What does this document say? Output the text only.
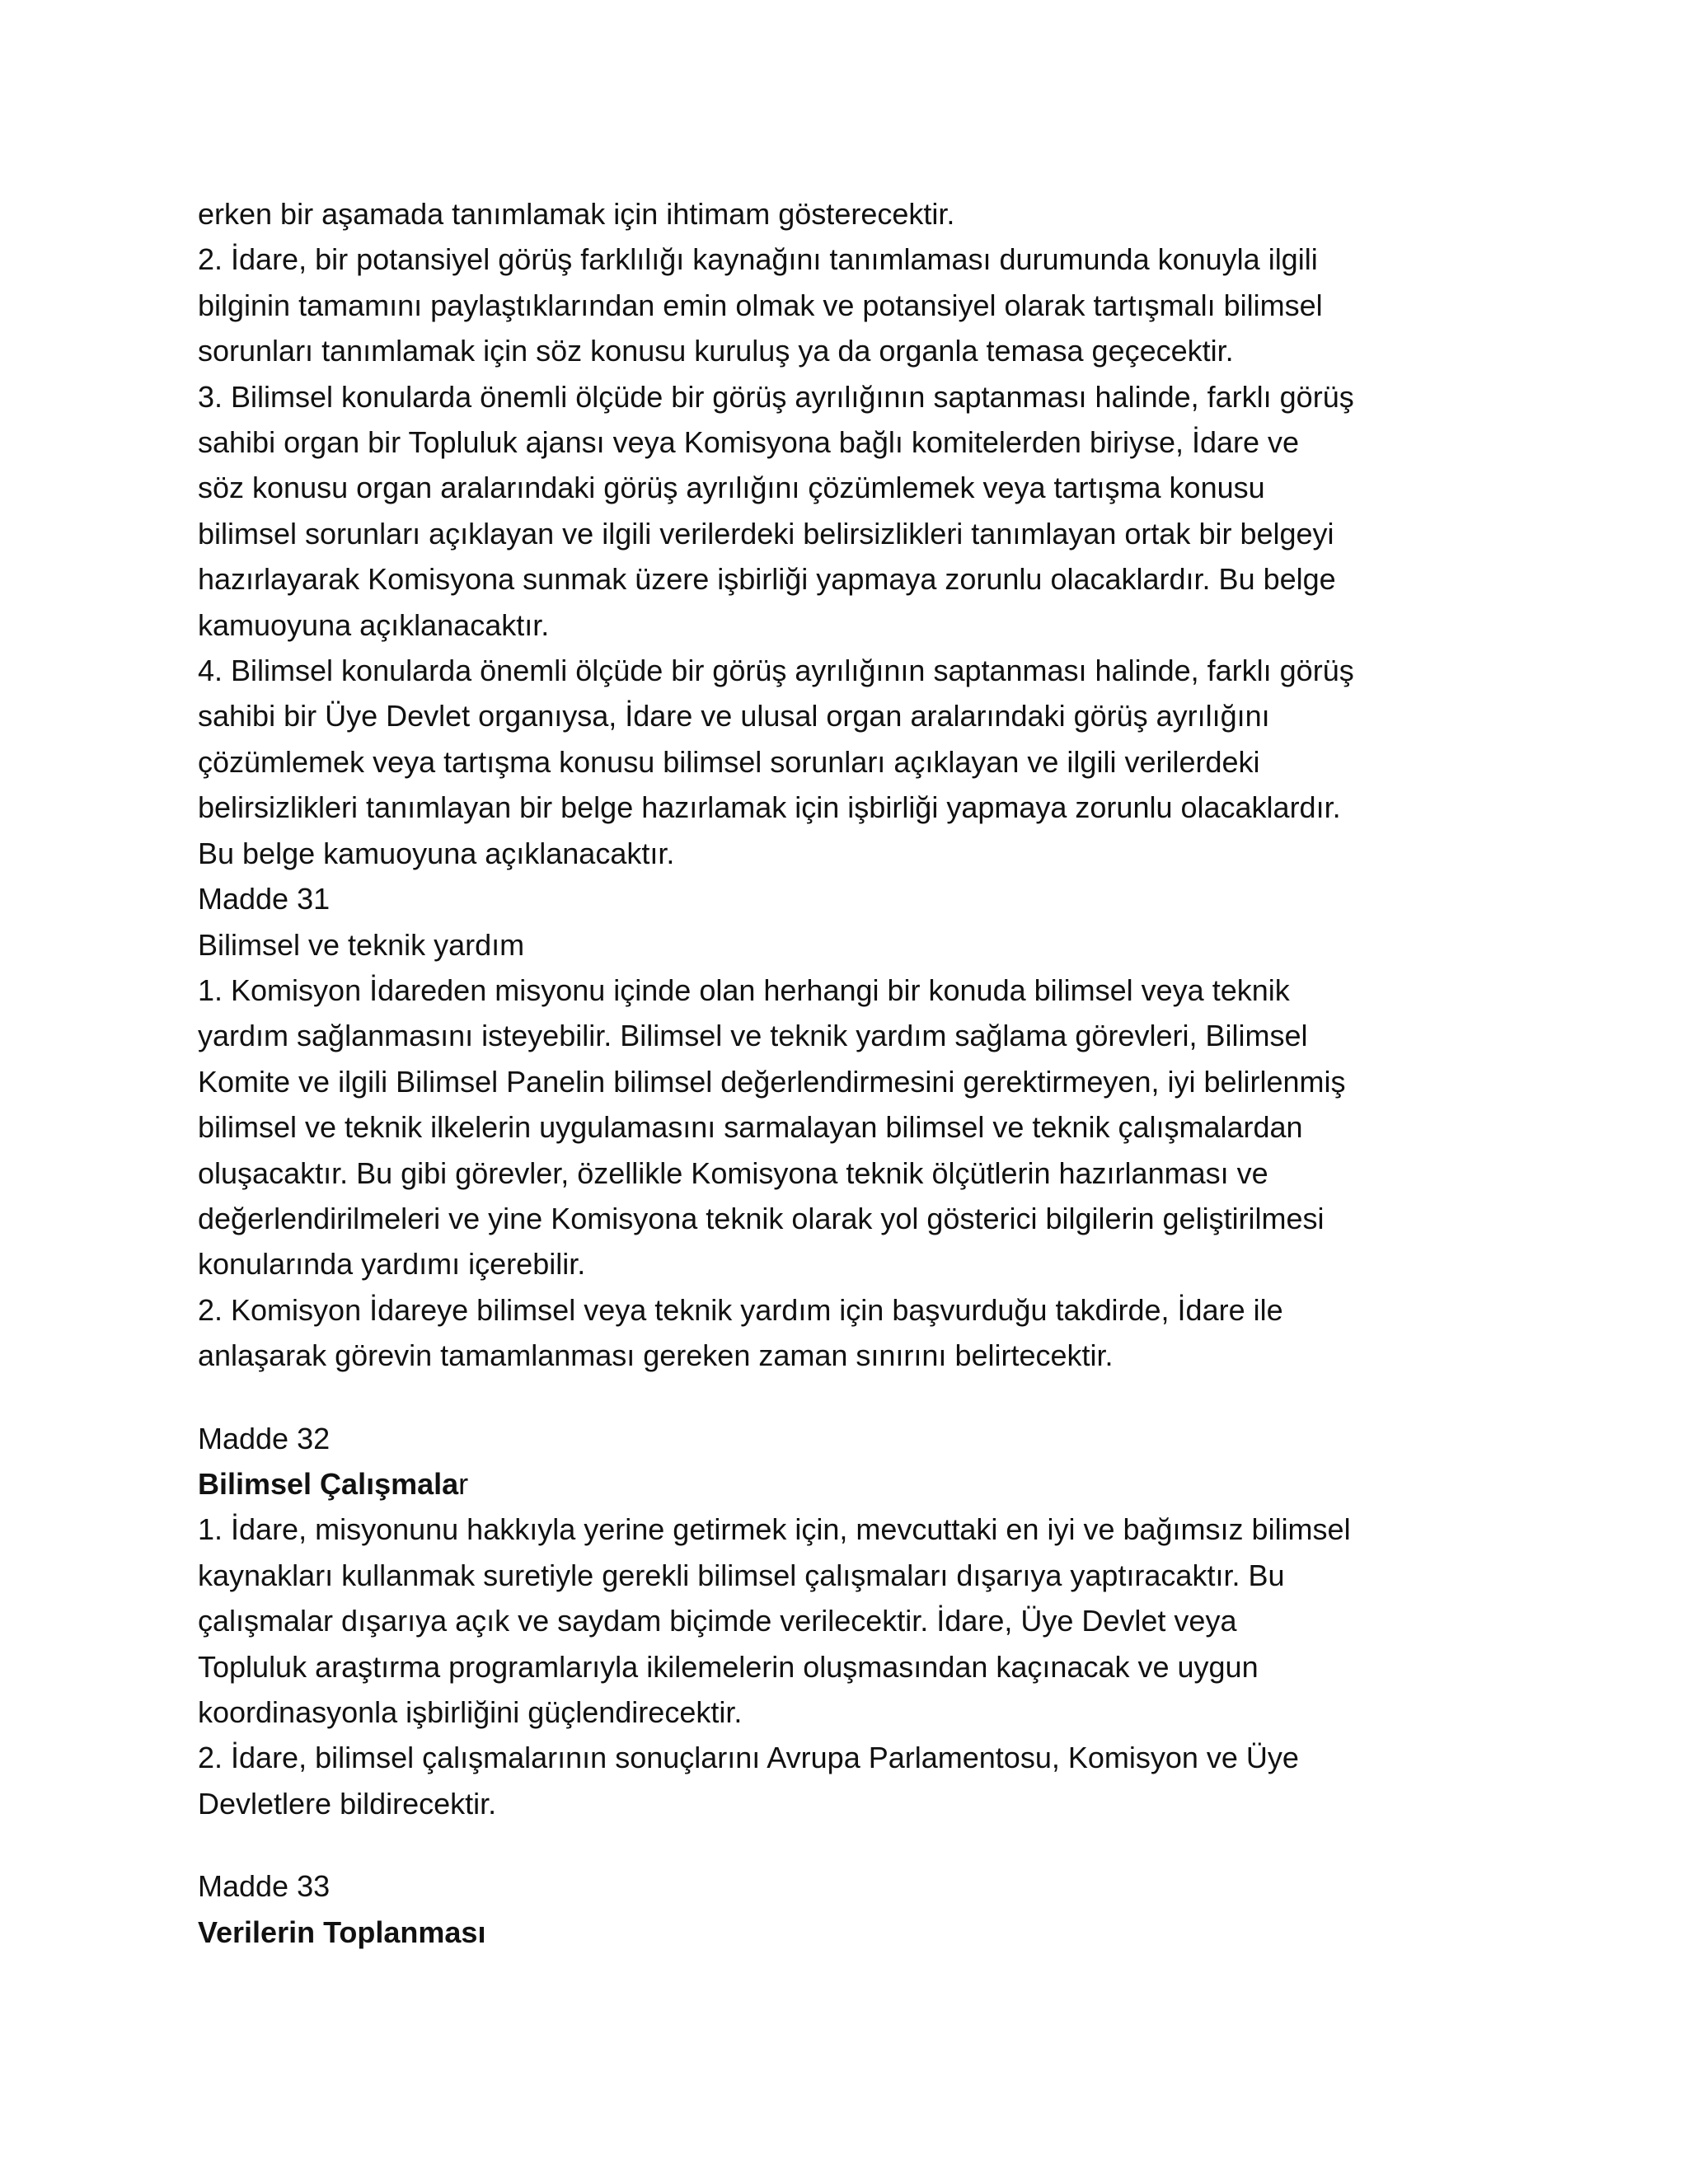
erken bir aşamada tanımlamak için ihtimam gösterecektir.

2. İdare, bir potansiyel görüş farklılığı kaynağını tanımlaması durumunda konuyla ilgili

bilginin tamamını paylaştıklarından emin olmak ve potansiyel olarak tartışmalı bilimsel

sorunları tanımlamak için söz konusu kuruluş ya da organla temasa geçecektir.

3. Bilimsel konularda önemli ölçüde bir görüş ayrılığının saptanması halinde, farklı görüş

sahibi organ bir Topluluk ajansı veya Komisyona bağlı komitelerden biriyse, İdare ve

söz konusu organ aralarındaki görüş ayrılığını çözümlemek veya tartışma konusu

bilimsel sorunları açıklayan ve ilgili verilerdeki belirsizlikleri tanımlayan ortak bir belgeyi

hazırlayarak Komisyona sunmak üzere işbirliği yapmaya zorunlu olacaklardır. Bu belge

kamuoyuna açıklanacaktır.

4. Bilimsel konularda önemli ölçüde bir görüş ayrılığının saptanması halinde, farklı görüş

sahibi bir Üye Devlet organıysa, İdare ve ulusal organ aralarındaki görüş ayrılığını

çözümlemek veya tartışma konusu bilimsel sorunları açıklayan ve ilgili verilerdeki

belirsizlikleri tanımlayan bir belge hazırlamak için işbirliği yapmaya zorunlu olacaklardır.

Bu belge kamuoyuna açıklanacaktır.

Madde 31

Bilimsel ve teknik yardım

1. Komisyon İdareden misyonu içinde olan herhangi bir konuda bilimsel veya teknik

yardım sağlanmasını isteyebilir. Bilimsel ve teknik yardım sağlama görevleri, Bilimsel

Komite ve ilgili Bilimsel Panelin bilimsel değerlendirmesini gerektirmeyen, iyi belirlenmiş

bilimsel ve teknik ilkelerin uygulamasını sarmalayan bilimsel ve teknik çalışmalardan

oluşacaktır. Bu gibi görevler, özellikle Komisyona teknik ölçütlerin hazırlanması ve

değerlendirilmeleri ve yine Komisyona teknik olarak yol gösterici bilgilerin geliştirilmesi

konularında yardımı içerebilir.

2. Komisyon İdareye bilimsel veya teknik yardım için başvurduğu takdirde, İdare ile

anlaşarak görevin tamamlanması gereken zaman sınırını belirtecektir.

Madde 32

Bilimsel Çalışmalar

1. İdare, misyonunu hakkıyla yerine getirmek için, mevcuttaki en iyi ve bağımsız bilimsel

kaynakları kullanmak suretiyle gerekli bilimsel çalışmaları dışarıya yaptıracaktır. Bu

çalışmalar dışarıya açık ve saydam biçimde verilecektir. İdare, Üye Devlet veya

Topluluk araştırma programlarıyla ikilemelerin oluşmasından kaçınacak ve uygun

koordinasyonla işbirliğini güçlendirecektir.

2. İdare, bilimsel çalışmalarının sonuçlarını Avrupa Parlamentosu, Komisyon ve Üye

Devletlere bildirecektir.

Madde 33

Verilerin Toplanması
